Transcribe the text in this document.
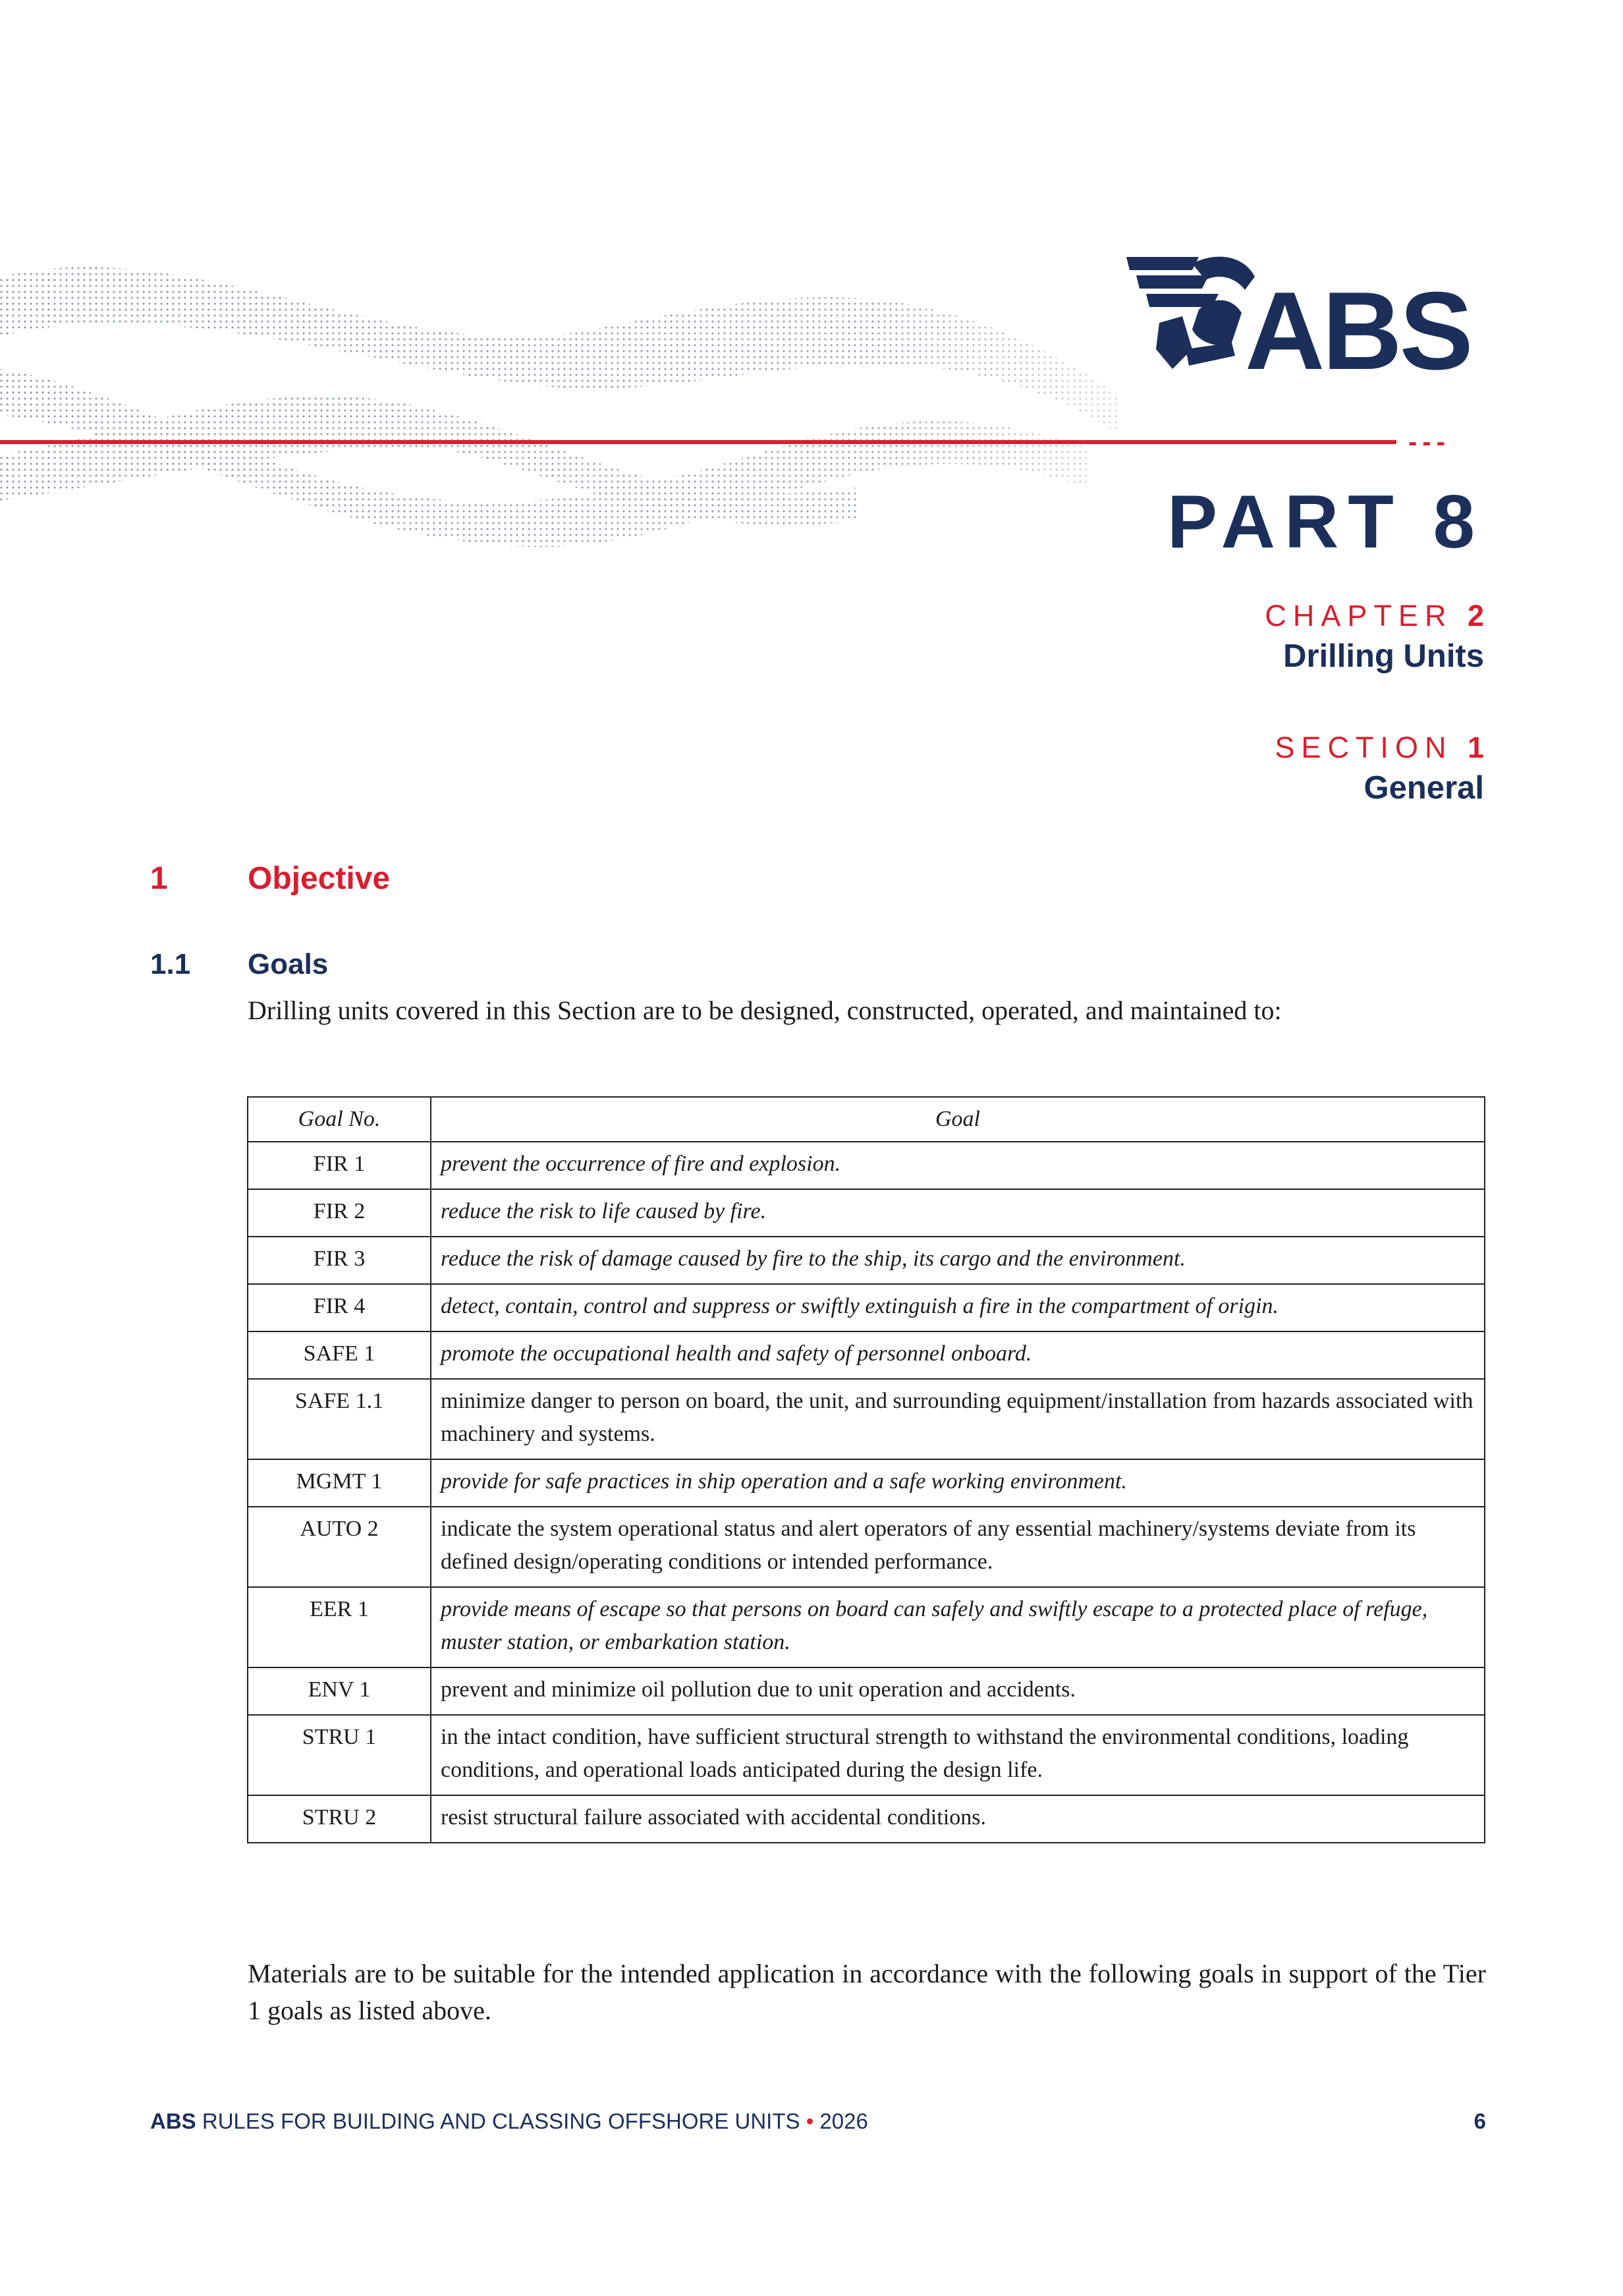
---
ABS
PART 8
CHAPTER 2
Drilling Units
SECTION 1
General
1	Objective
1.1 Goals
Drilling units covered in this Section are to be designed, constructed, operated, and maintained to:
Goal No.	Goal
FIR 1	prevent the occurrence of fire and explosion.
FIR 2	reduce the risk to life caused by fire.
FIR 3	reduce the risk of damage caused by fire to the ship, its cargo and the environment.
FIR 4	detect, contain, control and suppress or swiftly extinguish a fire in the compartment of origin.
SAFE 1	promote the occupational health and safety of personnel onboard.
SAFE 1.1	minimize danger to person on board, the unit, and surrounding equipment/installation from hazards associated with machinery and systems.
MGMT 1	provide for safe practices in ship operation and a safe working environment.
AUTO 2	indicate the system operational status and alert operators of any essential machinery/systems deviate from its defined design/operating conditions or intended performance.
EER 1	provide means of escape so that persons on board can safely and swiftly escape to a protected place of refuge, muster station, or embarkation station.
ENV 1	prevent and minimize oil pollution due to unit operation and accidents.
STRU 1	in the intact condition, have sufficient structural strength to withstand the environmental conditions, loading conditions, and operational loads anticipated during the design life.
STRU 2	resist structural failure associated with accidental conditions.
Materials are to be suitable for the intended application in accordance with the following goals in support of the Tier 1 goals as listed above.
ABS RULES FOR BUILDING AND CLASSING OFFSHORE UNITS • 2026	6
